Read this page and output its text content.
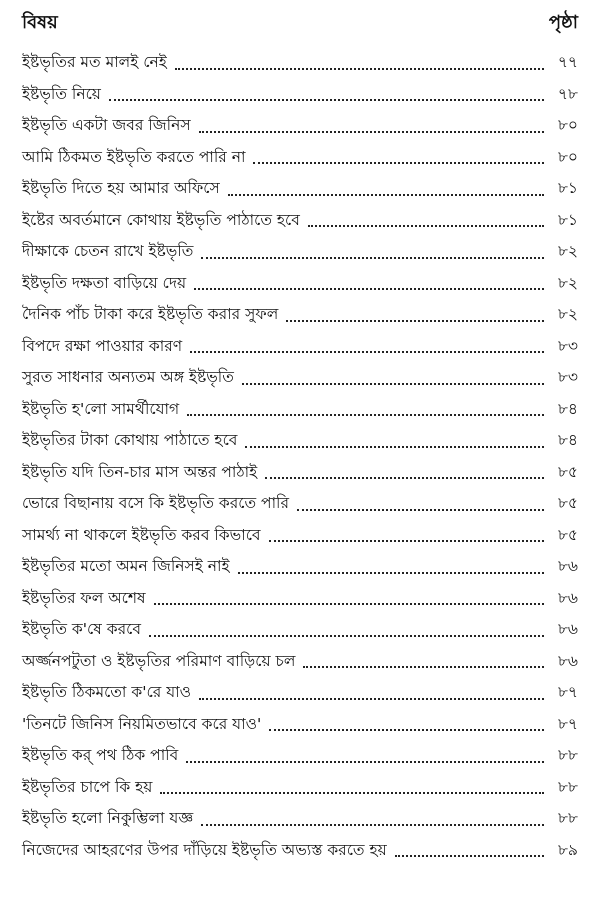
বিষয়	পৃষ্ঠা
ইষ্টভৃতির মত মালই নেই	৭৭
ইষ্টভৃতি নিয়ে	৭৮
ইষ্টভৃতি একটা জবর জিনিস	৮০
আমি ঠিকমত ইষ্টভৃতি করতে পারি না	৮০
ইষ্টভৃতি দিতে হয় আমার অফিসে	৮১
ইষ্টের অবর্তমানে কোথায় ইষ্টভৃতি পাঠাতে হবে	৮১
দীক্ষাকে চেতন রাখে ইষ্টভৃতি	৮২
ইষ্টভৃতি দক্ষতা বাড়িয়ে দেয়	৮২
দৈনিক পাঁচ টাকা করে ইষ্টভৃতি করার সুফল	৮২
বিপদে রক্ষা পাওয়ার কারণ	৮৩
সুরত সাধনার অন্যতম অঙ্গ ইষ্টভৃতি	৮৩
ইষ্টভৃতি হ'লো সামর্থীযোগ	৮৪
ইষ্টভৃতির টাকা কোথায় পাঠাতে হবে	৮৪
ইষ্টভৃতি যদি তিন-চার মাস অন্তর পাঠাই	৮৫
ভোরে বিছানায় বসে কি ইষ্টভৃতি করতে পারি	৮৫
সামর্থ্য না থাকলে ইষ্টভৃতি করব কিভাবে	৮৫
ইষ্টভৃতির মতো অমন জিনিসই নাই	৮৬
ইষ্টভৃতির ফল অশেষ	৮৬
ইষ্টভৃতি ক'ষে করবে	৮৬
অর্জ্জনপটুতা ও ইষ্টভৃতির পরিমাণ বাড়িয়ে চল	৮৬
ইষ্টভৃতি ঠিকমতো ক'রে যাও	৮৭
'তিনটে জিনিস নিয়মিতভাবে করে যাও'	৮৭
ইষ্টভৃতি কর্ পথ ঠিক পাবি	৮৮
ইষ্টভৃতির চাপে কি হয়	৮৮
ইষ্টভৃতি হলো নিকুম্ভিলা যজ্ঞ	৮৮
নিজেদের আহরণের উপর দাঁড়িয়ে ইষ্টভৃতি অভ্যস্ত করতে হয়	৮৯
